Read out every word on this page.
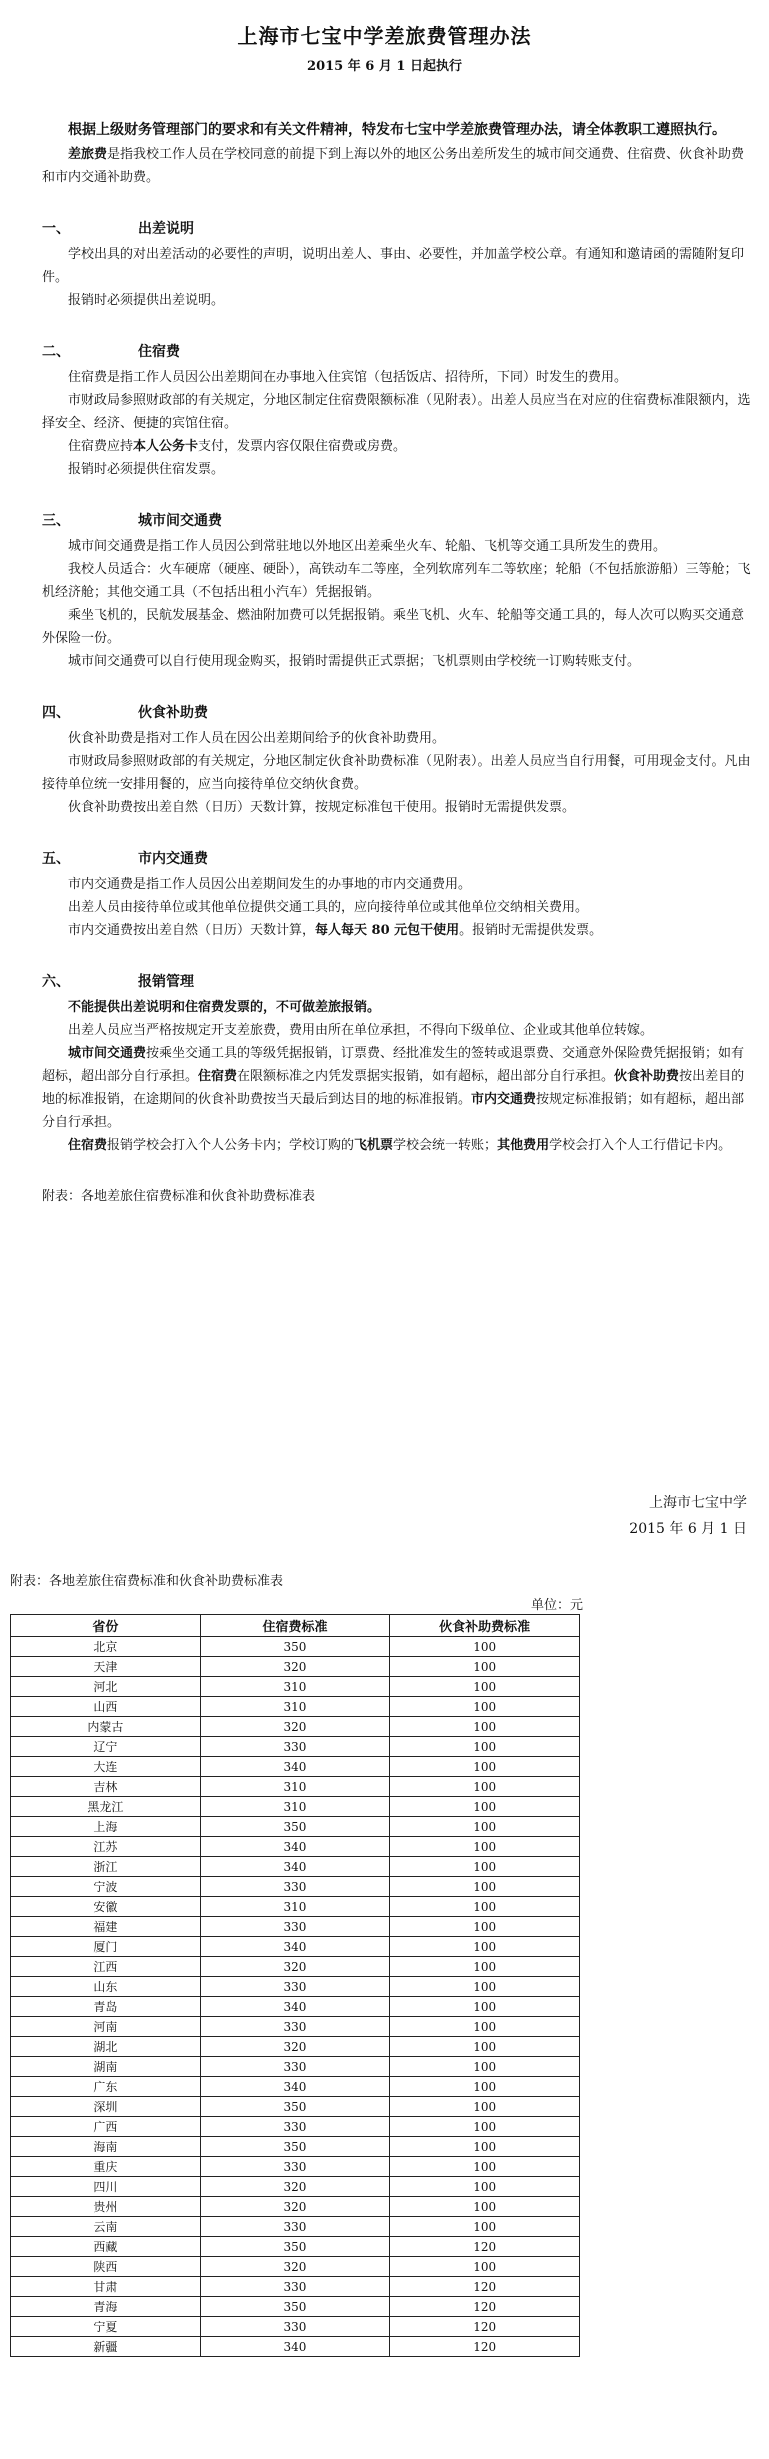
上海市七宝中学差旅费管理办法
2015 年 6 月 1 日起执行

根据上级财务管理部门的要求和有关文件精神，特发布七宝中学差旅费管理办法，请全体教职工遵照执行。

差旅费是指我校工作人员在学校同意的前提下到上海以外的地区公务出差所发生的城市间交通费、住宿费、伙食补助费和市内交通补助费。

一、	出差说明

学校出具的对出差活动的必要性的声明，说明出差人、事由、必要性，并加盖学校公章。有通知和邀请函的需随附复印件。

报销时必须提供出差说明。

二、	住宿费

住宿费是指工作人员因公出差期间在办事地入住宾馆（包括饭店、招待所，下同）时发生的费用。

市财政局参照财政部的有关规定，分地区制定住宿费限额标准（见附表）。出差人员应当在对应的住宿费标准限额内，选择安全、经济、便捷的宾馆住宿。

住宿费应持本人公务卡支付，发票内容仅限住宿费或房费。

报销时必须提供住宿发票。

三、	城市间交通费

城市间交通费是指工作人员因公到常驻地以外地区出差乘坐火车、轮船、飞机等交通工具所发生的费用。

我校人员适合：火车硬席（硬座、硬卧），高铁动车二等座，全列软席列车二等软座；轮船（不包括旅游船）三等舱；飞机经济舱；其他交通工具（不包括出租小汽车）凭据报销。

乘坐飞机的，民航发展基金、燃油附加费可以凭据报销。乘坐飞机、火车、轮船等交通工具的，每人次可以购买交通意外保险一份。

城市间交通费可以自行使用现金购买，报销时需提供正式票据；飞机票则由学校统一订购转账支付。

四、	伙食补助费

伙食补助费是指对工作人员在因公出差期间给予的伙食补助费用。

市财政局参照财政部的有关规定，分地区制定伙食补助费标准（见附表）。出差人员应当自行用餐，可用现金支付。凡由接待单位统一安排用餐的，应当向接待单位交纳伙食费。

伙食补助费按出差自然（日历）天数计算，按规定标准包干使用。报销时无需提供发票。

五、	市内交通费

市内交通费是指工作人员因公出差期间发生的办事地的市内交通费用。

出差人员由接待单位或其他单位提供交通工具的，应向接待单位或其他单位交纳相关费用。

市内交通费按出差自然（日历）天数计算，每人每天 80 元包干使用。报销时无需提供发票。

六、	报销管理

不能提供出差说明和住宿费发票的，不可做差旅报销。

出差人员应当严格按规定开支差旅费，费用由所在单位承担，不得向下级单位、企业或其他单位转嫁。

城市间交通费按乘坐交通工具的等级凭据报销，订票费、经批准发生的签转或退票费、交通意外保险费凭据报销；如有超标，超出部分自行承担。住宿费在限额标准之内凭发票据实报销，如有超标，超出部分自行承担。伙食补助费按出差目的地的标准报销，在途期间的伙食补助费按当天最后到达目的地的标准报销。市内交通费按规定标准报销；如有超标，超出部分自行承担。

住宿费报销学校会打入个人公务卡内；学校订购的飞机票学校会统一转账；其他费用学校会打入个人工行借记卡内。

附表：各地差旅住宿费标准和伙食补助费标准表

上海市七宝中学
2015 年 6 月 1 日
附表：各地差旅住宿费标准和伙食补助费标准表
单位：元
省份	住宿费标准	伙食补助费标准
北京	350	100
天津	320	100
河北	310	100
山西	310	100
内蒙古	320	100
辽宁	330	100
大连	340	100
吉林	310	100
黑龙江	310	100
上海	350	100
江苏	340	100
浙江	340	100
宁波	330	100
安徽	310	100
福建	330	100
厦门	340	100
江西	320	100
山东	330	100
青岛	340	100
河南	330	100
湖北	320	100
湖南	330	100
广东	340	100
深圳	350	100
广西	330	100
海南	350	100
重庆	330	100
四川	320	100
贵州	320	100
云南	330	100
西藏	350	120
陕西	320	100
甘肃	330	120
青海	350	120
宁夏	330	120
新疆	340	120
